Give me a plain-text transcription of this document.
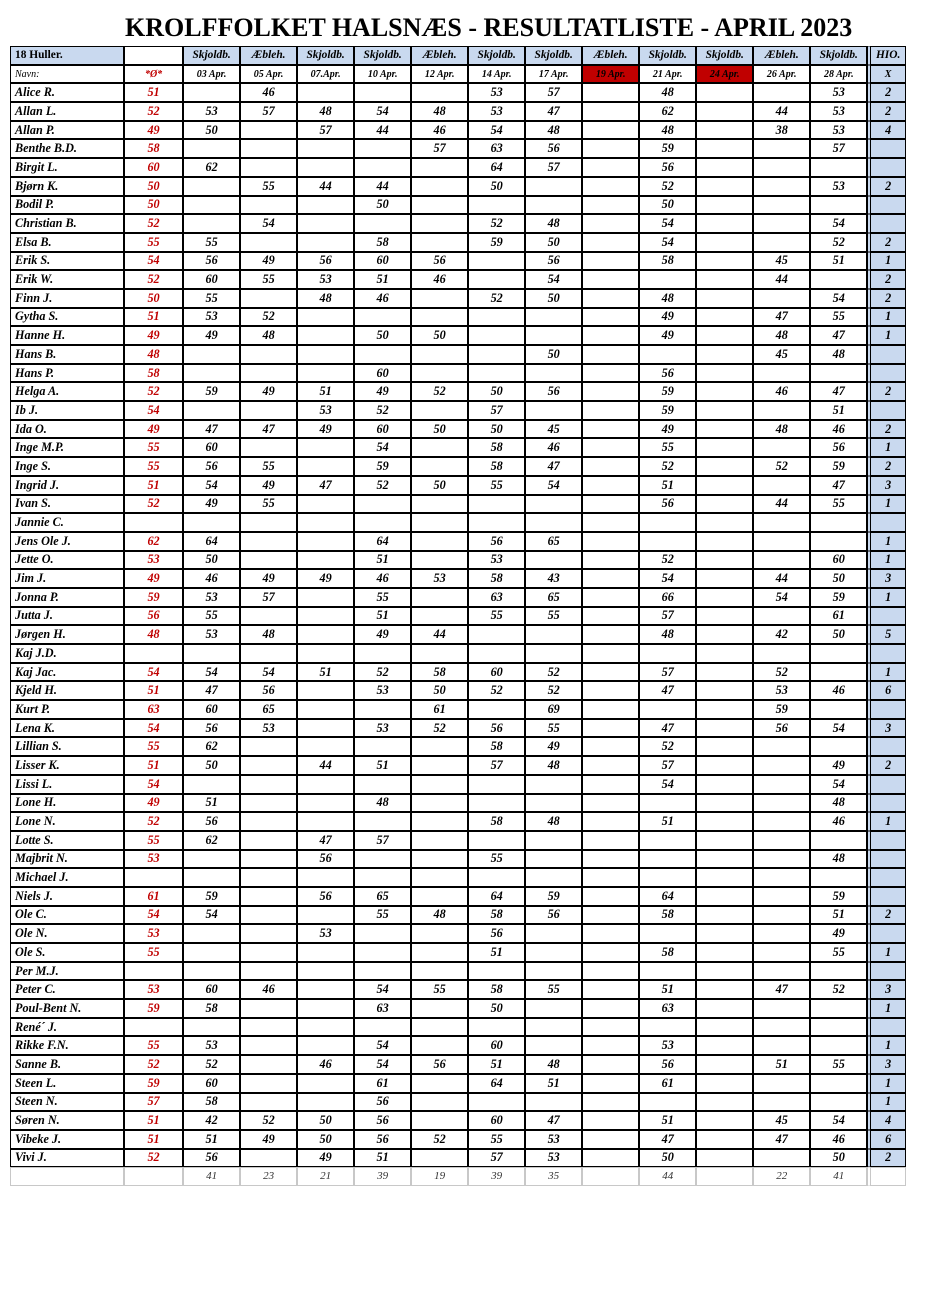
KROLFFOLKET HALSNÆS - RESULTATLISTE - APRIL 2023
18 Huller.		Skjoldb.	Æbleh.	Skjoldb.	Skjoldb.	Æbleh.	Skjoldb.	Skjoldb.	Æbleh.	Skjoldb.	Skjoldb.	Æbleh.	Skjoldb.	HIO.
Navn:	*Ø*	03 Apr.	05 Apr.	07.Apr.	10 Apr.	12 Apr.	14 Apr.	17 Apr.	19 Apr.	21 Apr.	24 Apr.	26 Apr.	28 Apr.	X
Alice R.	51		46				53	57		48			53	2
Allan L.	52	53	57	48	54	48	53	47		62		44	53	2
Allan P.	49	50		57	44	46	54	48		48		38	53	4
Benthe B.D.	58					57	63	56		59			57	
Birgit L.	60	62					64	57		56				
Bjørn K.	50		55	44	44		50			52			53	2
Bodil P.	50				50					50				
Christian B.	52		54				52	48		54			54	
Elsa B.	55	55			58		59	50		54			52	2
Erik S.	54	56	49	56	60	56		56		58		45	51	1
Erik W.	52	60	55	53	51	46		54				44		2
Finn J.	50	55		48	46		52	50		48			54	2
Gytha S.	51	53	52							49		47	55	1
Hanne H.	49	49	48		50	50				49		48	47	1
Hans B.	48							50				45	48	
Hans P.	58				60					56				
Helga A.	52	59	49	51	49	52	50	56		59		46	47	2
Ib J.	54			53	52		57			59			51	
Ida O.	49	47	47	49	60	50	50	45		49		48	46	2
Inge M.P.	55	60			54		58	46		55			56	1
Inge S.	55	56	55		59		58	47		52		52	59	2
Ingrid J.	51	54	49	47	52	50	55	54		51			47	3
Ivan S.	52	49	55							56		44	55	1
Jannie C.														
Jens Ole J.	62	64			64		56	65						1
Jette O.	53	50			51		53			52			60	1
Jim J.	49	46	49	49	46	53	58	43		54		44	50	3
Jonna P.	59	53	57		55		63	65		66		54	59	1
Jutta J.	56	55			51		55	55		57			61	
Jørgen H.	48	53	48		49	44				48		42	50	5
Kaj J.D.														
Kaj Jac.	54	54	54	51	52	58	60	52		57		52		1
Kjeld H.	51	47	56		53	50	52	52		47		53	46	6
Kurt P.	63	60	65			61		69				59		
Lena K.	54	56	53		53	52	56	55		47		56	54	3
Lillian S.	55	62					58	49		52				
Lisser K.	51	50		44	51		57	48		57			49	2
Lissi L.	54									54			54	
Lone H.	49	51			48								48	
Lone N.	52	56					58	48		51			46	1
Lotte S.	55	62		47	57									
Majbrit N.	53			56			55						48	
Michael J.														
Niels J.	61	59		56	65		64	59		64			59	
Ole C.	54	54			55	48	58	56		58			51	2
Ole N.	53			53			56						49	
Ole S.	55						51			58			55	1
Per M.J.														
Peter C.	53	60	46		54	55	58	55		51		47	52	3
Poul-Bent N.	59	58			63		50			63				1
René´ J.														
Rikke F.N.	55	53			54		60			53				1
Sanne B.	52	52		46	54	56	51	48		56		51	55	3
Steen L.	59	60			61		64	51		61				1
Steen N.	57	58			56									1
Søren N.	51	42	52	50	56		60	47		51		45	54	4
Vibeke J.	51	51	49	50	56	52	55	53		47		47	46	6
Vivi J.	52	56		49	51		57	53		50			50	2
		41	23	21	39	19	39	35		44		22	41	
